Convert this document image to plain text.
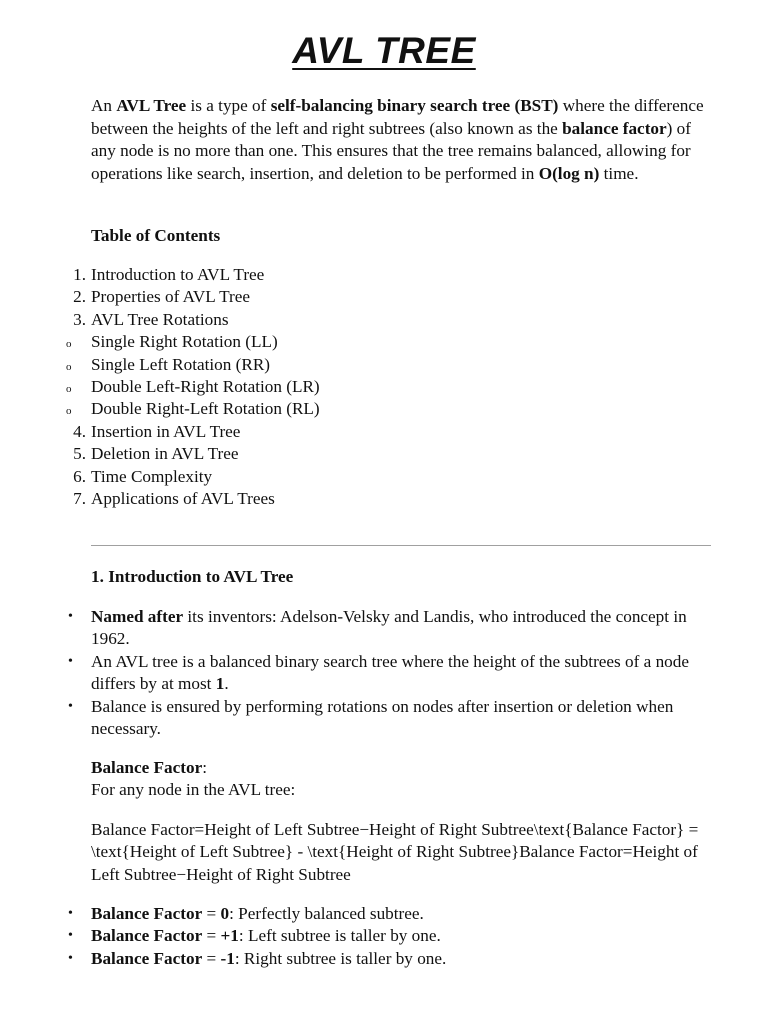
AVL TREE

An AVL Tree is a type of self-balancing binary search tree (BST) where the difference between the heights of the left and right subtrees (also known as the balance factor) of any node is no more than one. This ensures that the tree remains balanced, allowing for operations like search, insertion, and deletion to be performed in O(log n) time.

Table of Contents

1. Introduction to AVL Tree
2. Properties of AVL Tree
3. AVL Tree Rotations
o Single Right Rotation (LL)
o Single Left Rotation (RR)
o Double Left-Right Rotation (LR)
o Double Right-Left Rotation (RL)
4. Insertion in AVL Tree
5. Deletion in AVL Tree
6. Time Complexity
7. Applications of AVL Trees

1. Introduction to AVL Tree

• Named after its inventors: Adelson-Velsky and Landis, who introduced the concept in 1962.
• An AVL tree is a balanced binary search tree where the height of the subtrees of a node differs by at most 1.
• Balance is ensured by performing rotations on nodes after insertion or deletion when necessary.

Balance Factor:
For any node in the AVL tree:

Balance Factor=Height of Left Subtree−Height of Right Subtree\text{Balance Factor} = \text{Height of Left Subtree} - \text{Height of Right Subtree}Balance Factor=Height of Left Subtree−Height of Right Subtree

• Balance Factor = 0: Perfectly balanced subtree.
• Balance Factor = +1: Left subtree is taller by one.
• Balance Factor = -1: Right subtree is taller by one.
